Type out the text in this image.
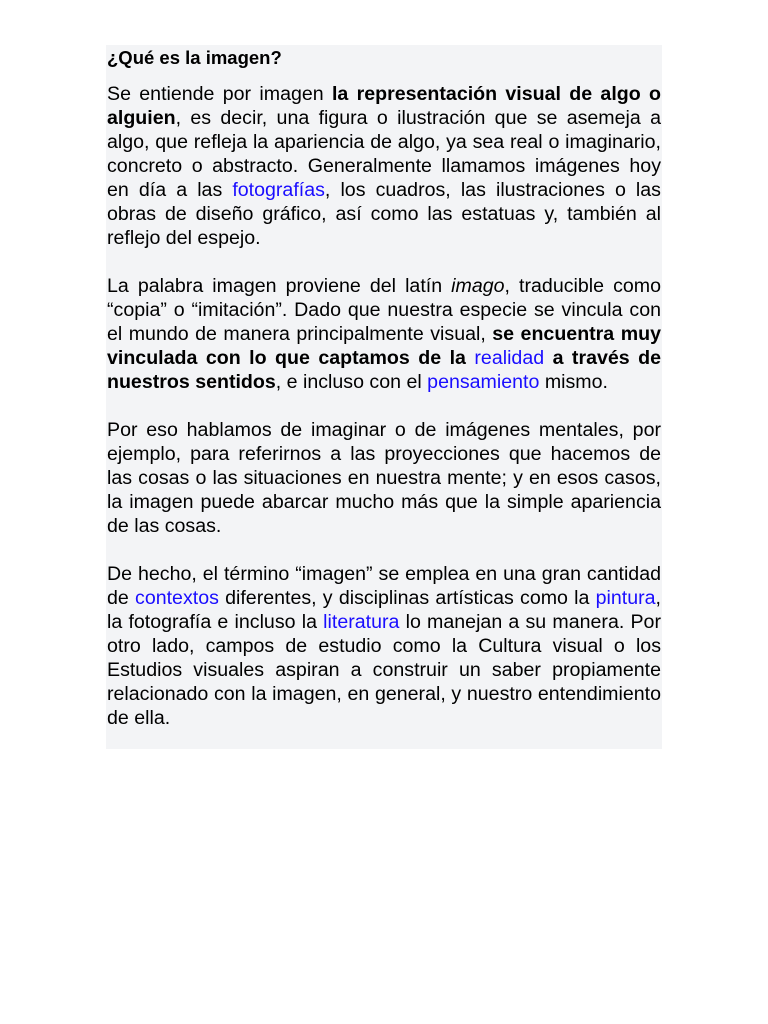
¿Qué es la imagen?

Se entiende por imagen la representación visual de algo o alguien, es decir, una figura o ilustración que se asemeja a algo, que refleja la apariencia de algo, ya sea real o imaginario, concreto o abstracto. Generalmente llamamos imágenes hoy en día a las fotografías, los cuadros, las ilustraciones o las obras de diseño gráfico, así como las estatuas y, también al reflejo del espejo.

La palabra imagen proviene del latín imago, traducible como “copia” o “imitación”. Dado que nuestra especie se vincula con el mundo de manera principalmente visual, se encuentra muy vinculada con lo que captamos de la realidad a través de nuestros sentidos, e incluso con el pensamiento mismo.

Por eso hablamos de imaginar o de imágenes mentales, por ejemplo, para referirnos a las proyecciones que hacemos de las cosas o las situaciones en nuestra mente; y en esos casos, la imagen puede abarcar mucho más que la simple apariencia de las cosas.

De hecho, el término “imagen” se emplea en una gran cantidad de contextos diferentes, y disciplinas artísticas como la pintura, la fotografía e incluso la literatura lo manejan a su manera. Por otro lado, campos de estudio como la Cultura visual o los Estudios visuales aspiran a construir un saber propiamente relacionado con la imagen, en general, y nuestro entendimiento de ella.
